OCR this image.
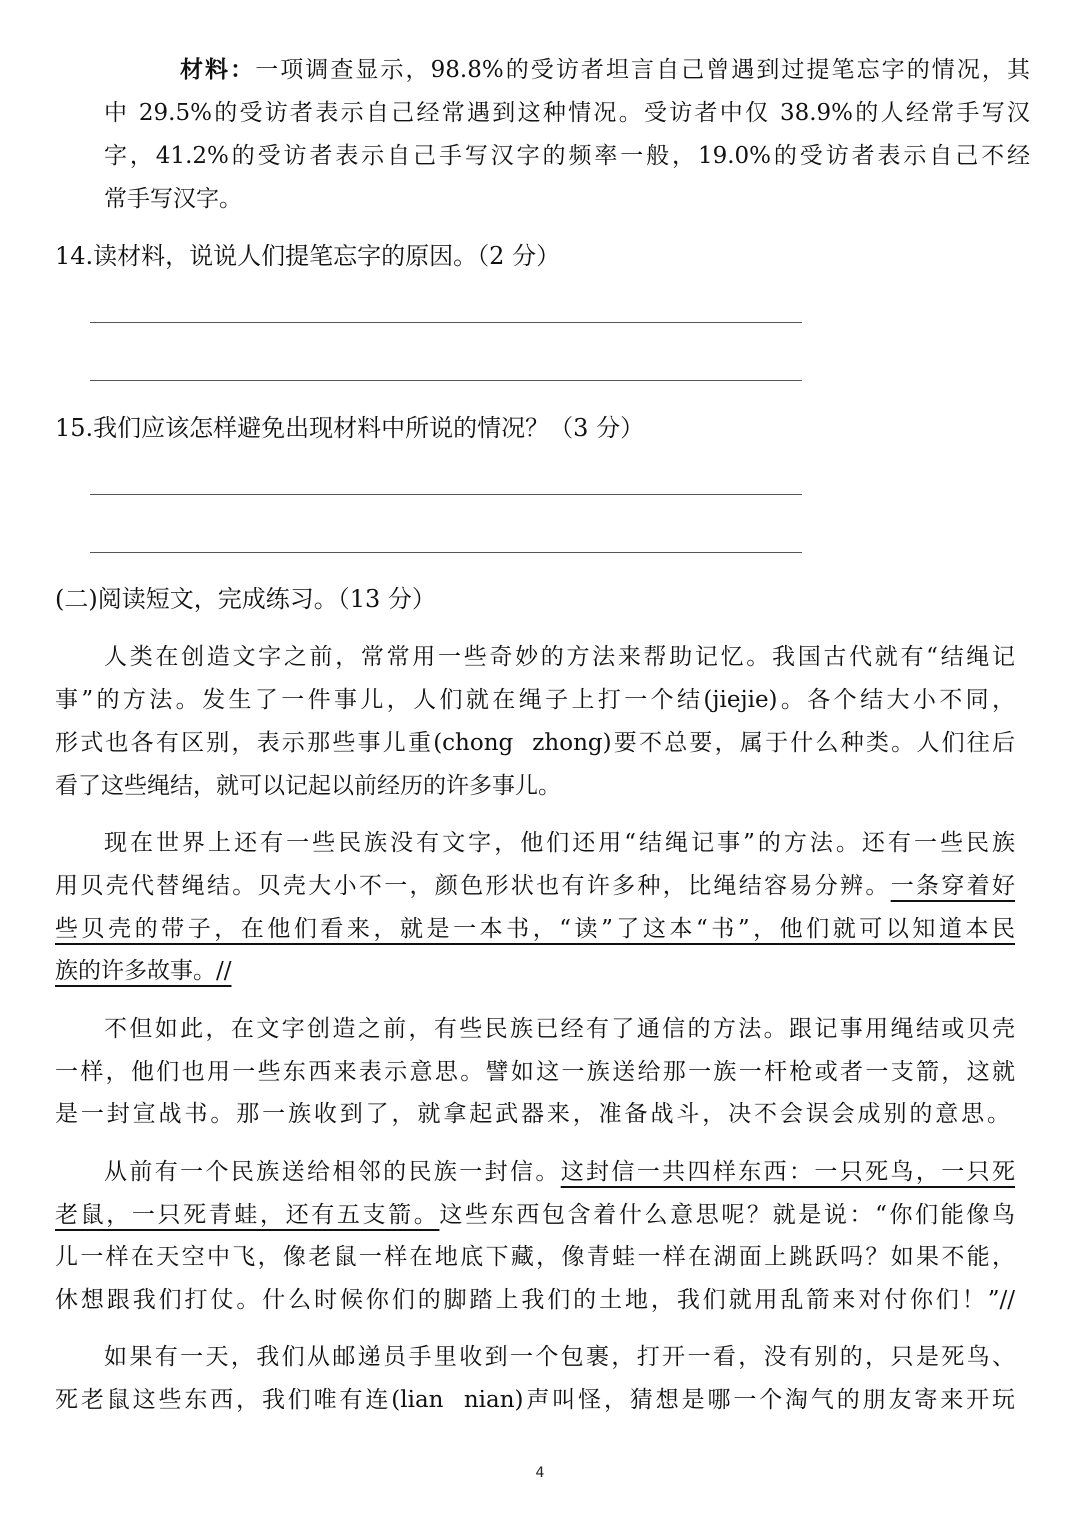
材料：一项调查显示，98.8%的受访者坦言自己曾遇到过提笔忘字的情况，其
中 29.5%的受访者表示自己经常遇到这种情况。受访者中仅 38.9%的人经常手写汉
字，41.2%的受访者表示自己手写汉字的频率一般，19.0%的受访者表示自己不经
常手写汉字。
14.读材料，说说人们提笔忘字的原因。（2 分）
15.我们应该怎样避免出现材料中所说的情况？（3 分）
(二)阅读短文，完成练习。（13 分）
人类在创造文字之前，常常用一些奇妙的方法来帮助记忆。我国古代就有“结绳记
事”的方法。发生了一件事儿，人们就在绳子上打一个结(jiejie)。各个结大小不同，
形式也各有区别，表示那些事儿重(chong  zhong)要不总要，属于什么种类。人们往后
看了这些绳结，就可以记起以前经历的许多事儿。
现在世界上还有一些民族没有文字，他们还用“结绳记事”的方法。还有一些民族
用贝壳代替绳结。贝壳大小不一，颜色形状也有许多种，比绳结容易分辨。一条穿着好
些贝壳的带子，在他们看来，就是一本书，“读”了这本“书”，他们就可以知道本民
族的许多故事。//
不但如此，在文字创造之前，有些民族已经有了通信的方法。跟记事用绳结或贝壳
一样，他们也用一些东西来表示意思。譬如这一族送给那一族一杆枪或者一支箭，这就
是一封宣战书。那一族收到了，就拿起武器来，准备战斗，决不会误会成别的意思。
从前有一个民族送给相邻的民族一封信。这封信一共四样东西：一只死鸟，一只死
老鼠，一只死青蛙，还有五支箭。这些东西包含着什么意思呢？就是说：“你们能像鸟
儿一样在天空中飞，像老鼠一样在地底下藏，像青蛙一样在湖面上跳跃吗？如果不能，
休想跟我们打仗。什么时候你们的脚踏上我们的土地，我们就用乱箭来对付你们！”//
如果有一天，我们从邮递员手里收到一个包裹，打开一看，没有别的，只是死鸟、
死老鼠这些东西，我们唯有连(lian  nian)声叫怪，猜想是哪一个淘气的朋友寄来开玩
4
